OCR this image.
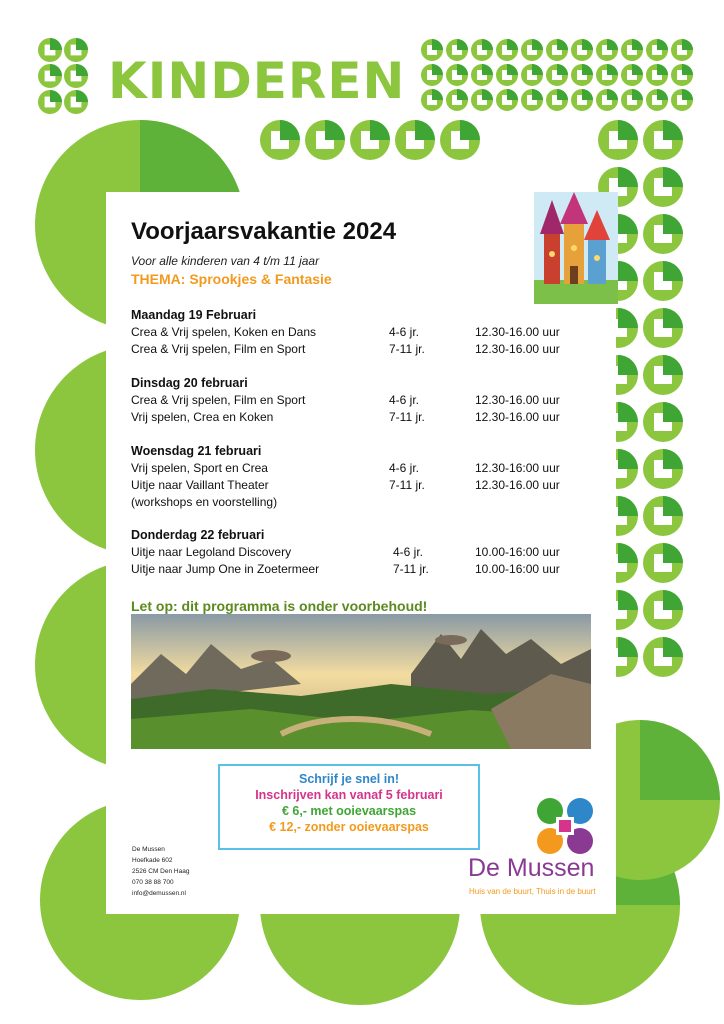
KINDEREN
Voorjaarsvakantie 2024
Voor alle kinderen van 4 t/m 11 jaar
THEMA: Sprookjes & Fantasie
Maandag 19 Februari
Crea & Vrij spelen, Koken en Dans	4-6 jr.	12.30-16.00 uur
Crea & Vrij spelen, Film en Sport	7-11 jr.	12.30-16.00 uur
Dinsdag 20 februari
Crea & Vrij spelen, Film en Sport	4-6 jr.	12.30-16.00 uur
Vrij spelen, Crea en Koken	7-11 jr.	12.30-16.00 uur
Woensdag 21 februari
Vrij spelen, Sport en Crea	4-6 jr.	12.30-16:00 uur
Uitje naar Vaillant Theater	7-11 jr.	12.30-16.00 uur
(workshops en voorstelling)
Donderdag 22 februari
Uitje naar Legoland Discovery	4-6 jr.	10.00-16:00 uur
Uitje naar Jump One in Zoetermeer	7-11 jr.	10.00-16:00 uur
Let op: dit programma is onder voorbehoud!
Schrijf je snel in!
Inschrijven kan vanaf 5 februari
€ 6,- met ooievaarspas
€ 12,- zonder ooievaarspas
De Mussen
Hoefkade 602
2526 CM Den Haag
070 38 88 700
info@demussen.nl
De Mussen
Huis van de buurt, Thuis in de buurt
